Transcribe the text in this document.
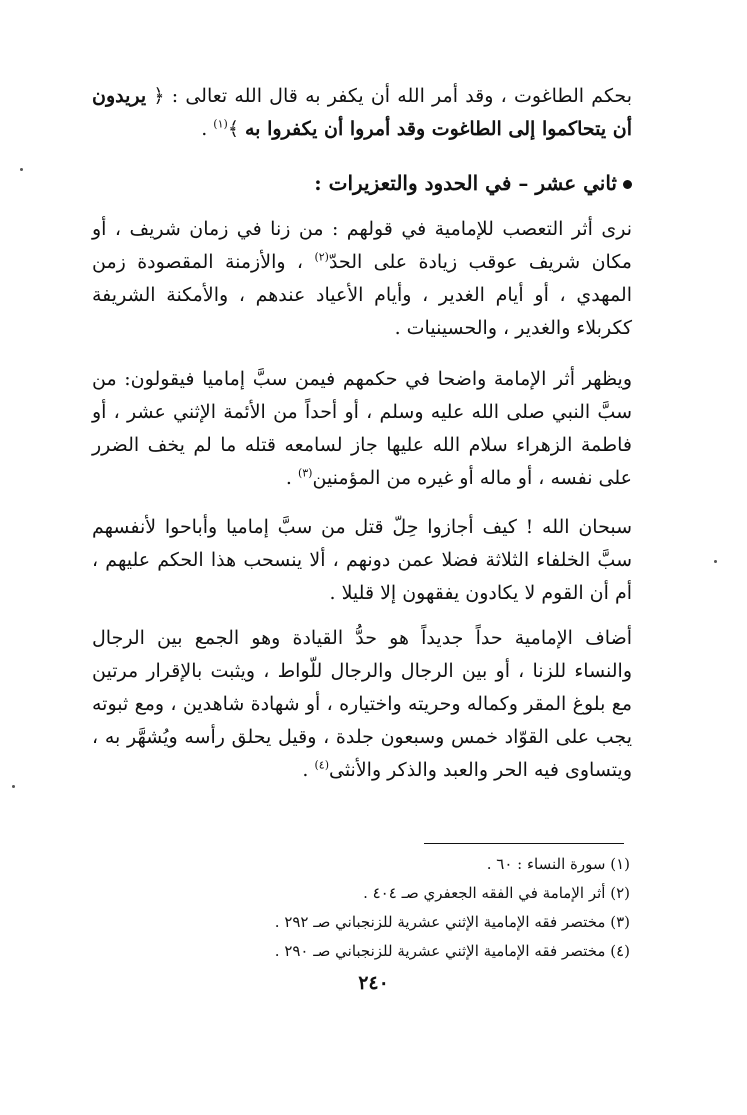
بحكم الطاغوت ، وقد أمر الله أن يكفر به قال الله تعالى : ﴿ يريدون أن يتحاكموا إلى الطاغوت وقد أمروا أن يكفروا به ﴾$^{(١)}$ .

ثاني عشر – في الحدود والتعزيرات :

نرى أثر التعصب للإمامية في قولهم : من زنا في زمان شريف ، أو مكان شريف عوقب زيادة على الحدّ$^{(٢)}$ ، والأزمنة المقصودة زمن المهدي ، أو أيام الغدير ، وأيام الأعياد عندهم ، والأمكنة الشريفة ككربلاء والغدير ، والحسينيات .

ويظهر أثر الإمامة واضحا في حكمهم فيمن سبَّ إماميا فيقولون: من سبَّ النبي صلى الله عليه وسلم ، أو أحداً من الأئمة الإثني عشر ، أو فاطمة الزهراء سلام الله عليها جاز لسامعه قتله ما لم يخف الضرر على نفسه ، أو ماله أو غيره من المؤمنين$^{(٣)}$ .

سبحان الله ! كيف أجازوا حِلّ قتل من سبَّ إماميا وأباحوا لأنفسهم سبَّ الخلفاء الثلاثة فضلا عمن دونهم ، ألا ينسحب هذا الحكم عليهم ، أم أن القوم لا يكادون يفقهون إلا قليلا .

أضاف الإمامية حداً جديداً هو حدُّ القيادة وهو الجمع بين الرجال والنساء للزنا ، أو بين الرجال والرجال للّواط ، ويثبت بالإقرار مرتين مع بلوغ المقر وكماله وحريته واختياره ، أو شهادة شاهدين ، ومع ثبوته يجب على القوّاد خمس وسبعون جلدة ، وقيل يحلق رأسه ويُشهَّر به ، ويتساوى فيه الحر والعبد والذكر والأنثى$^{(٤)}$ .

(١) سورة النساء : ٦٠ .
(٢) أثر الإمامة في الفقه الجعفري صـ ٤٠٤ .
(٣) مختصر فقه الإمامية الإثني عشرية للزنجباني صـ ٢٩٢ .
(٤) مختصر فقه الإمامية الإثني عشرية للزنجباني صـ ٢٩٠ .
٢٤٠
